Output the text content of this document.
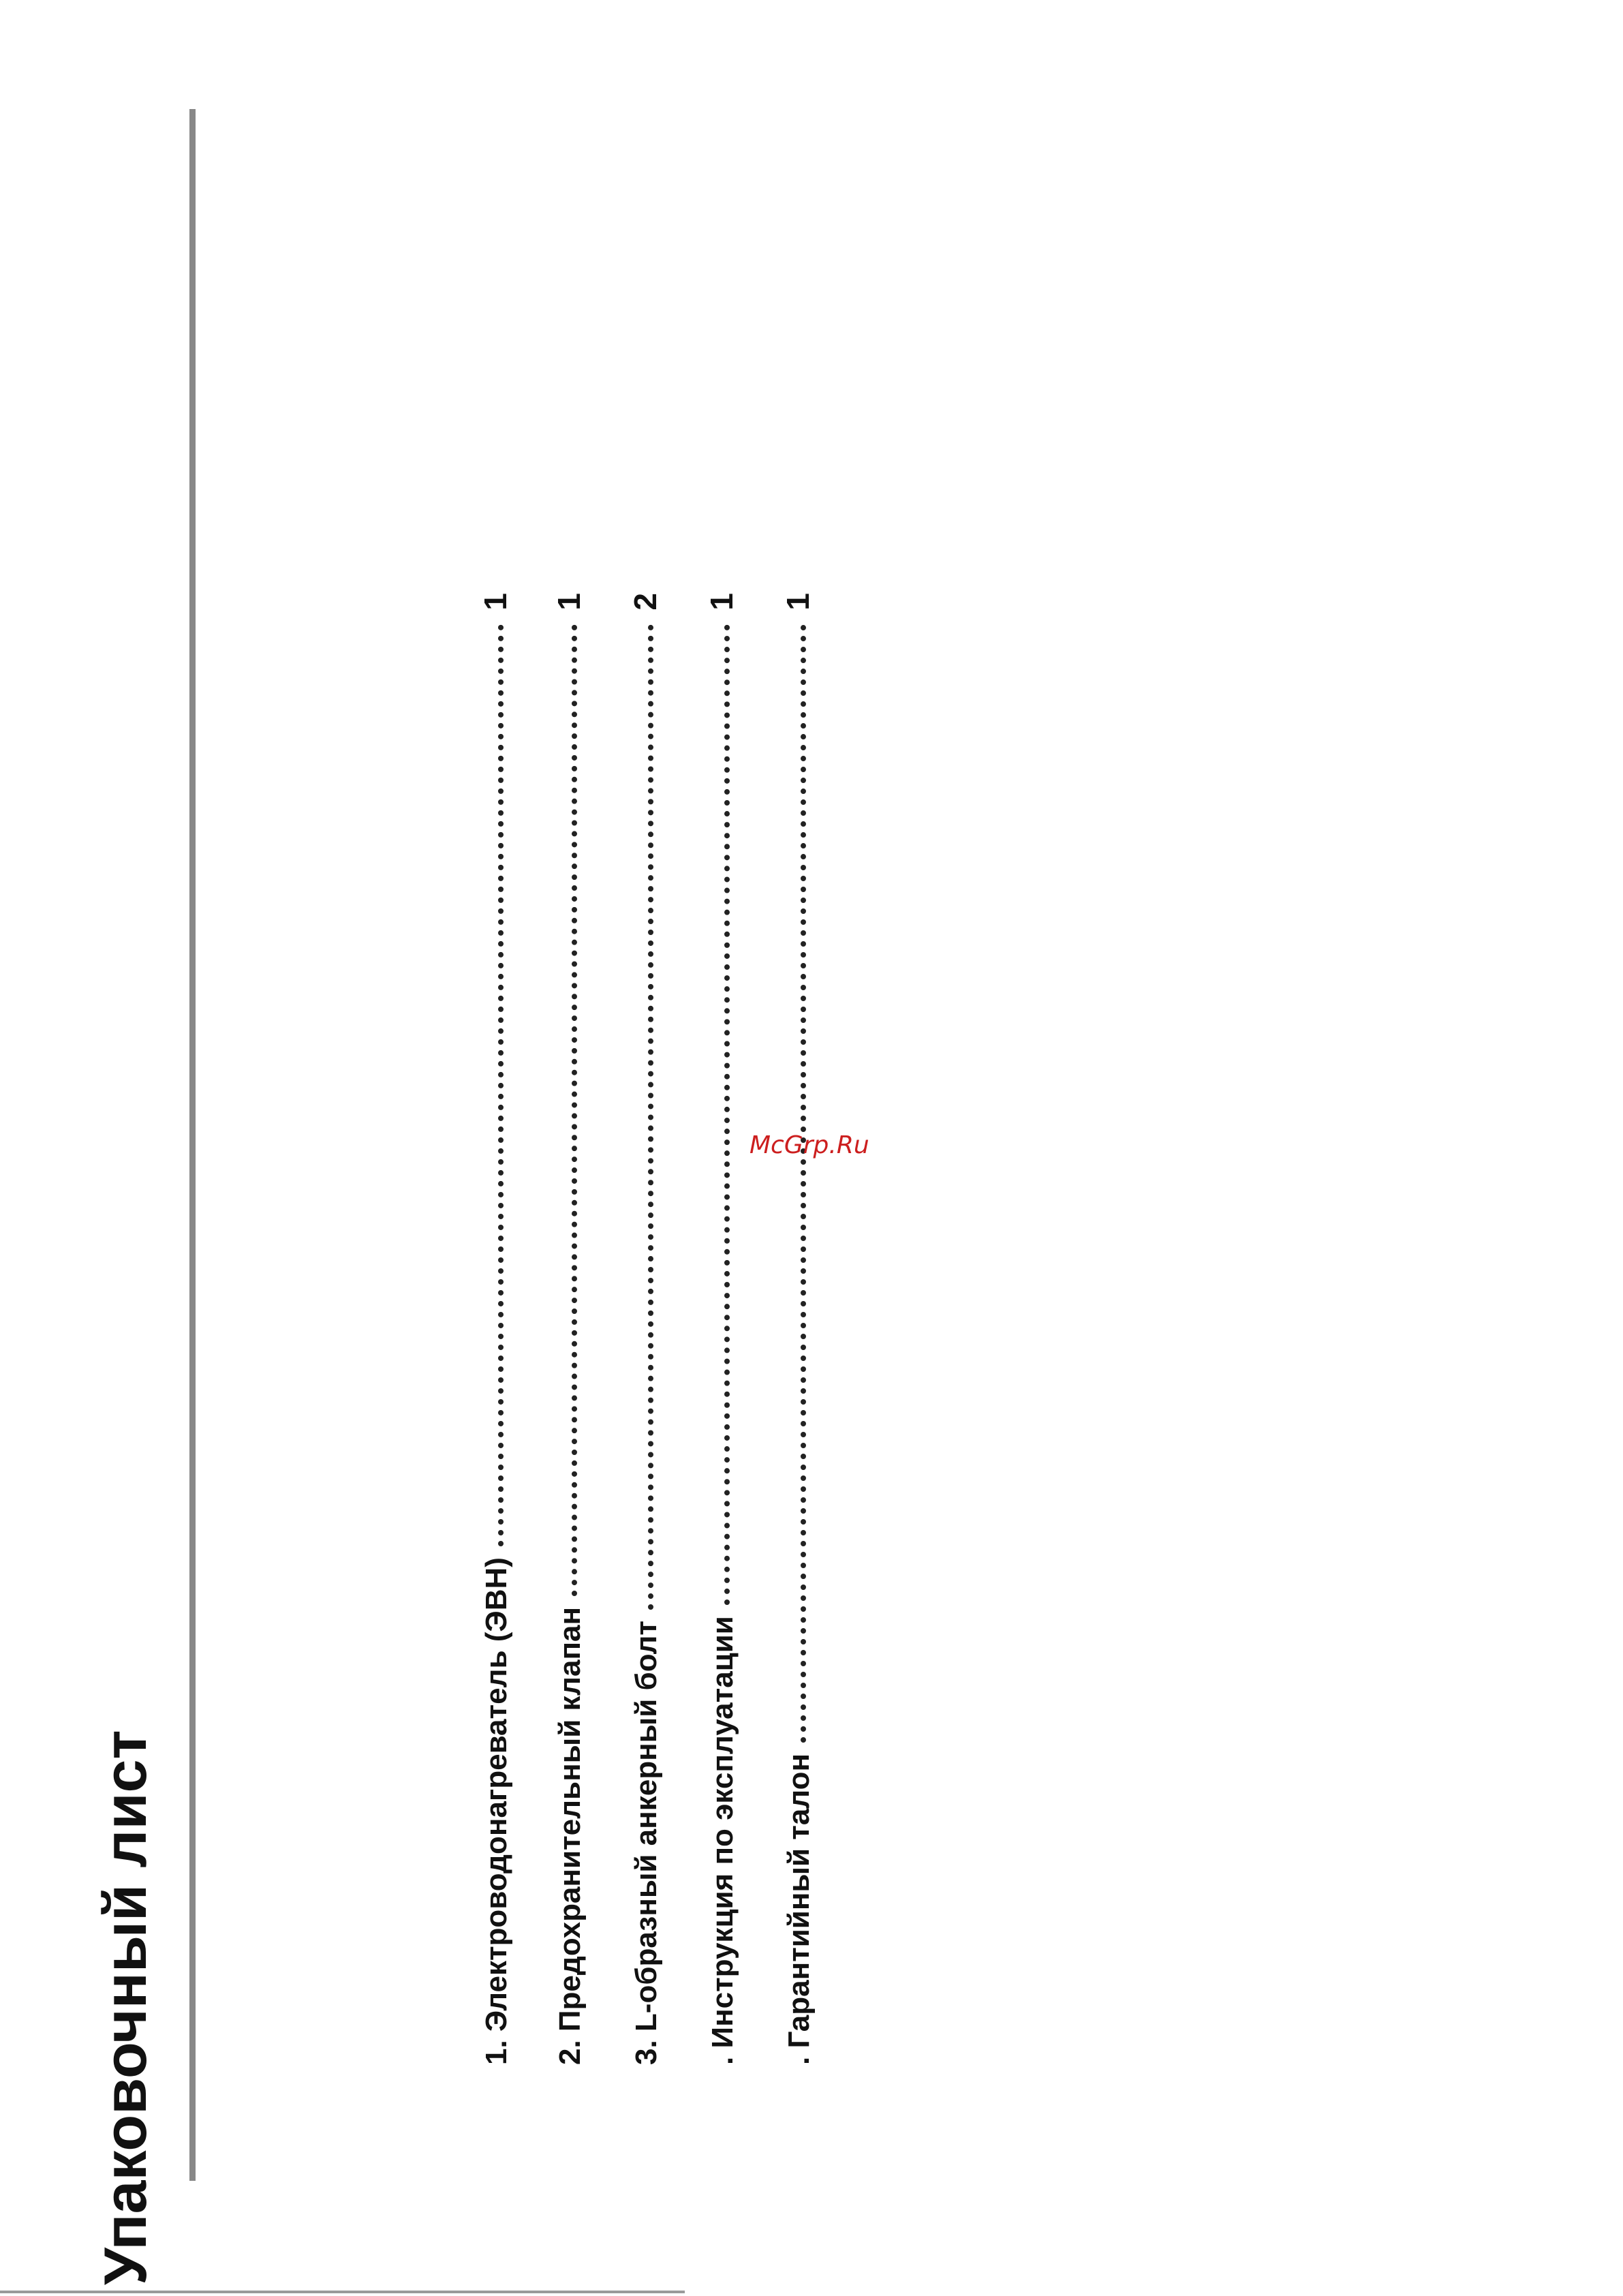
Упаковочный лист	1. Электроводонагреватель (ЭВН)
1
2. Предохранительный клапан
1
3. L-образный анкерный болт
2
. Инструкция по эксплуатации
1
. Гарантийный талон
1
McGrp.Ru
